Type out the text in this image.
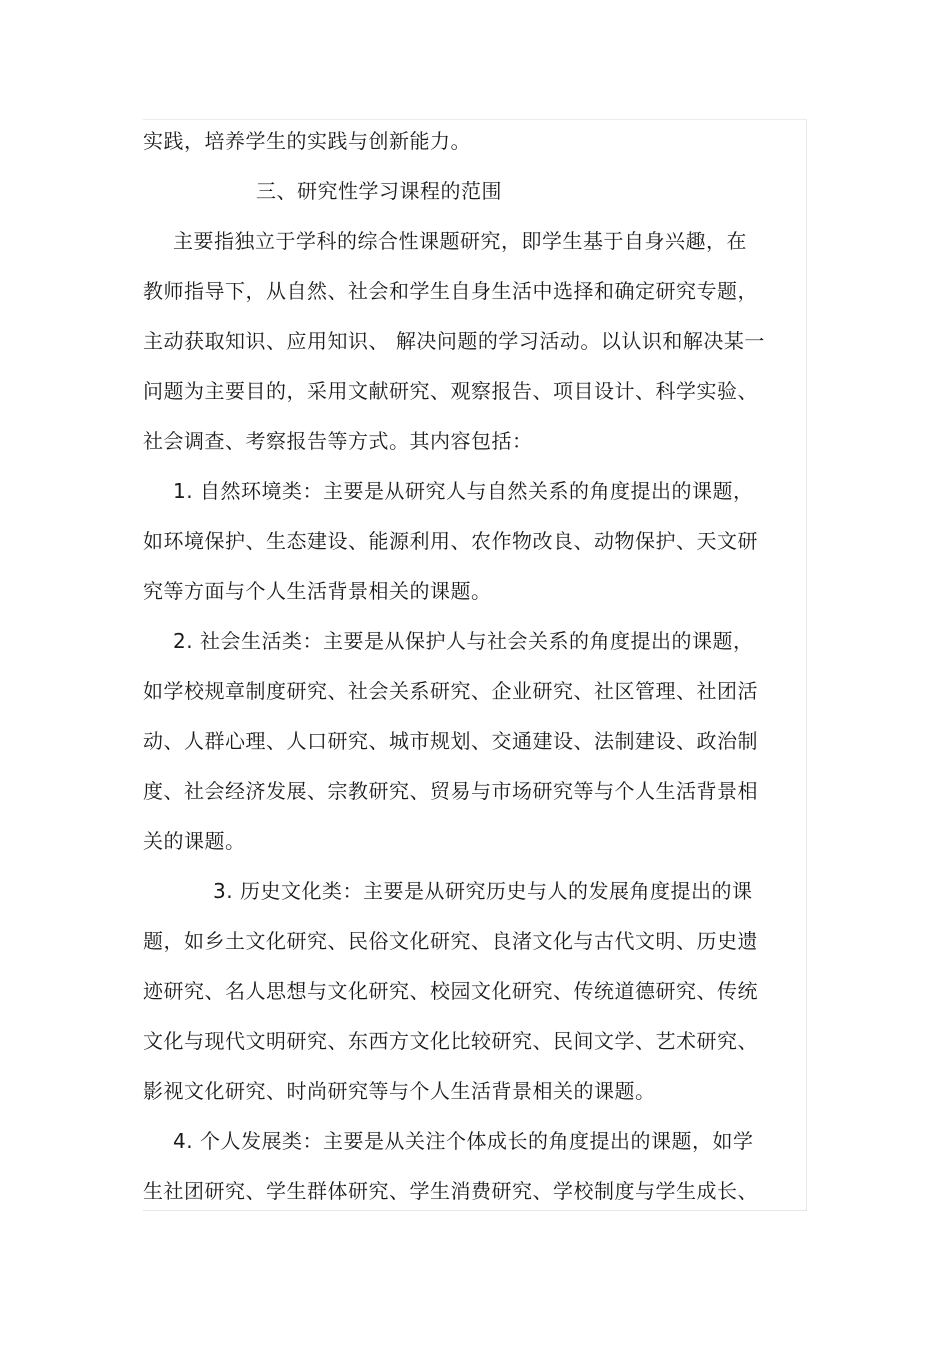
实践，培养学生的实践与创新能力。
三、研究性学习课程的范围
主要指独立于学科的综合性课题研究，即学生基于自身兴趣，在
教师指导下，从自然、社会和学生自身生活中选择和确定研究专题，
主动获取知识、应用知识、 解决问题的学习活动。以认识和解决某一
问题为主要目的，采用文献研究、观察报告、项目设计、科学实验、
社会调查、考察报告等方式。其内容包括：
1. 自然环境类：主要是从研究人与自然关系的角度提出的课题，
如环境保护、生态建设、能源利用、农作物改良、动物保护、天文研
究等方面与个人生活背景相关的课题。
2. 社会生活类：主要是从保护人与社会关系的角度提出的课题，
如学校规章制度研究、社会关系研究、企业研究、社区管理、社团活
动、人群心理、人口研究、城市规划、交通建设、法制建设、政治制
度、社会经济发展、宗教研究、贸易与市场研究等与个人生活背景相
关的课题。
3. 历史文化类：主要是从研究历史与人的发展角度提出的课
题，如乡土文化研究、民俗文化研究、良渚文化与古代文明、历史遗
迹研究、名人思想与文化研究、校园文化研究、传统道德研究、传统
文化与现代文明研究、东西方文化比较研究、民间文学、艺术研究、
影视文化研究、时尚研究等与个人生活背景相关的课题。
4. 个人发展类：主要是从关注个体成长的角度提出的课题，如学
生社团研究、学生群体研究、学生消费研究、学校制度与学生成长、
